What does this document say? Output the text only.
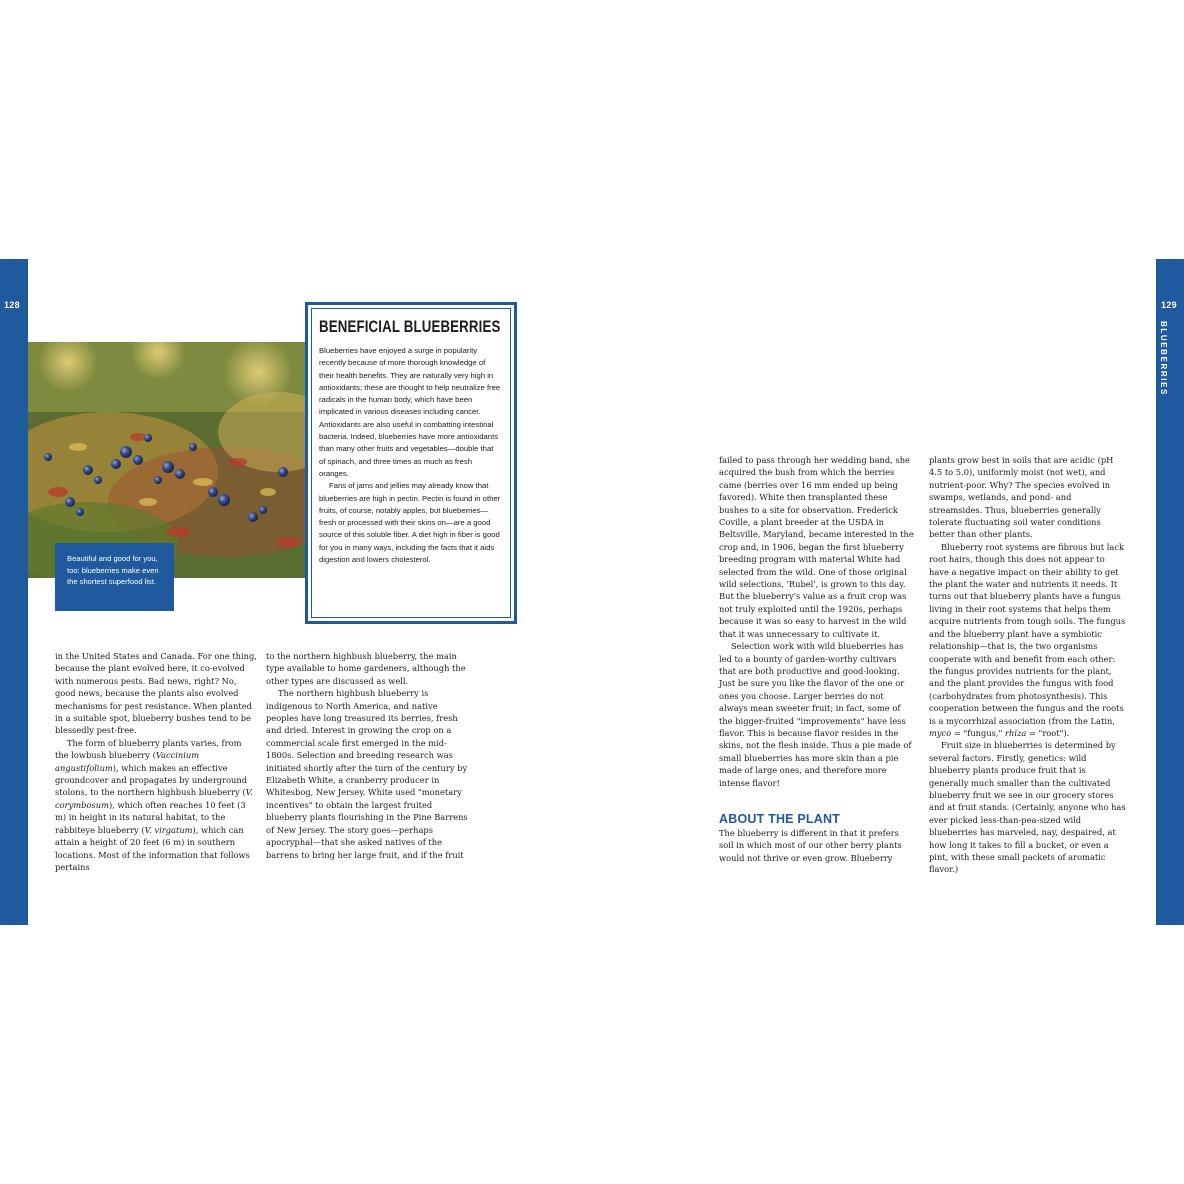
128	129
BLUEBERRIES
Beautiful and good for you, too: blueberries make even the shortest superfood list.
BENEFICIAL BLUEBERRIES

Blueberries have enjoyed a surge in popularity recently because of more thorough knowledge of their health benefits. They are naturally very high in antioxidants; these are thought to help neutralize free radicals in the human body, which have been implicated in various diseases including cancer. Antioxidants are also useful in combatting intestinal bacteria. Indeed, blueberries have more antioxidants than many other fruits and vegetables—double that of spinach, and three times as much as fresh oranges.

Fans of jams and jellies may already know that blueberries are high in pectin. Pectin is found in other fruits, of course, notably apples, but blueberries—fresh or processed with their skins on—are a good source of this soluble fiber. A diet high in fiber is good for you in many ways, including the facts that it aids digestion and lowers cholesterol.

in the United States and Canada. For one thing, because the plant evolved here, it co-evolved with numerous pests. Bad news, right? No, good news, because the plants also evolved mechanisms for pest resistance. When planted in a suitable spot, blueberry bushes tend to be blessedly pest-free.

The form of blueberry plants varies, from the lowbush blueberry (Vaccinium angustifolium), which makes an effective groundcover and propagates by underground stolons, to the northern highbush blueberry (V. corymbosum), which often reaches 10 feet (3 m) in height in its natural habitat, to the rabbiteye blueberry (V. virgatum), which can attain a height of 20 feet (6 m) in southern locations. Most of the information that follows pertains

to the northern highbush blueberry, the main type available to home gardeners, although the other types are discussed as well.

The northern highbush blueberry is indigenous to North America, and native peoples have long treasured its berries, fresh and dried. Interest in growing the crop on a commercial scale first emerged in the mid-1800s. Selection and breeding research was initiated shortly after the turn of the century by Elizabeth White, a cranberry producer in Whitesbog, New Jersey. White used "monetary incentives" to obtain the largest fruited blueberry plants flourishing in the Pine Barrens of New Jersey. The story goes—perhaps apocryphal—that she asked natives of the barrens to bring her large fruit, and if the fruit

failed to pass through her wedding band, she acquired the bush from which the berries came (berries over 16 mm ended up being favored). White then transplanted these bushes to a site for observation. Frederick Coville, a plant breeder at the USDA in Beltsville, Maryland, became interested in the crop and, in 1906, began the first blueberry breeding program with material White had selected from the wild. One of those original wild selections, 'Rubel', is grown to this day. But the blueberry's value as a fruit crop was not truly exploited until the 1920s, perhaps because it was so easy to harvest in the wild that it was unnecessary to cultivate it.

Selection work with wild blueberries has led to a bounty of garden-worthy cultivars that are both productive and good-looking. Just be sure you like the flavor of the one or ones you choose. Larger berries do not always mean sweeter fruit; in fact, some of the bigger-fruited "improvements" have less flavor. This is because flavor resides in the skins, not the flesh inside. Thus a pie made of small blueberries has more skin than a pie made of large ones, and therefore more intense flavor!

ABOUT THE PLANT

The blueberry is different in that it prefers soil in which most of our other berry plants would not thrive or even grow. Blueberry

plants grow best in soils that are acidic (pH 4.5 to 5.0), uniformly moist (not wet), and nutrient-poor. Why? The species evolved in swamps, wetlands, and pond- and streamsides. Thus, blueberries generally tolerate fluctuating soil water conditions better than other plants.

Blueberry root systems are fibrous but lack root hairs, though this does not appear to have a negative impact on their ability to get the plant the water and nutrients it needs. It turns out that blueberry plants have a fungus living in their root systems that helps them acquire nutrients from tough soils. The fungus and the blueberry plant have a symbiotic relationship—that is, the two organisms cooperate with and benefit from each other: the fungus provides nutrients for the plant, and the plant provides the fungus with food (carbohydrates from photosynthesis). This cooperation between the fungus and the roots is a mycorrhizal association (from the Latin, myco = "fungus," rhiza = "root").

Fruit size in blueberries is determined by several factors. Firstly, genetics: wild blueberry plants produce fruit that is generally much smaller than the cultivated blueberry fruit we see in our grocery stores and at fruit stands. (Certainly, anyone who has ever picked less-than-pea-sized wild blueberries has marveled, nay, despaired, at how long it takes to fill a bucket, or even a pint, with these small packets of aromatic flavor.)
